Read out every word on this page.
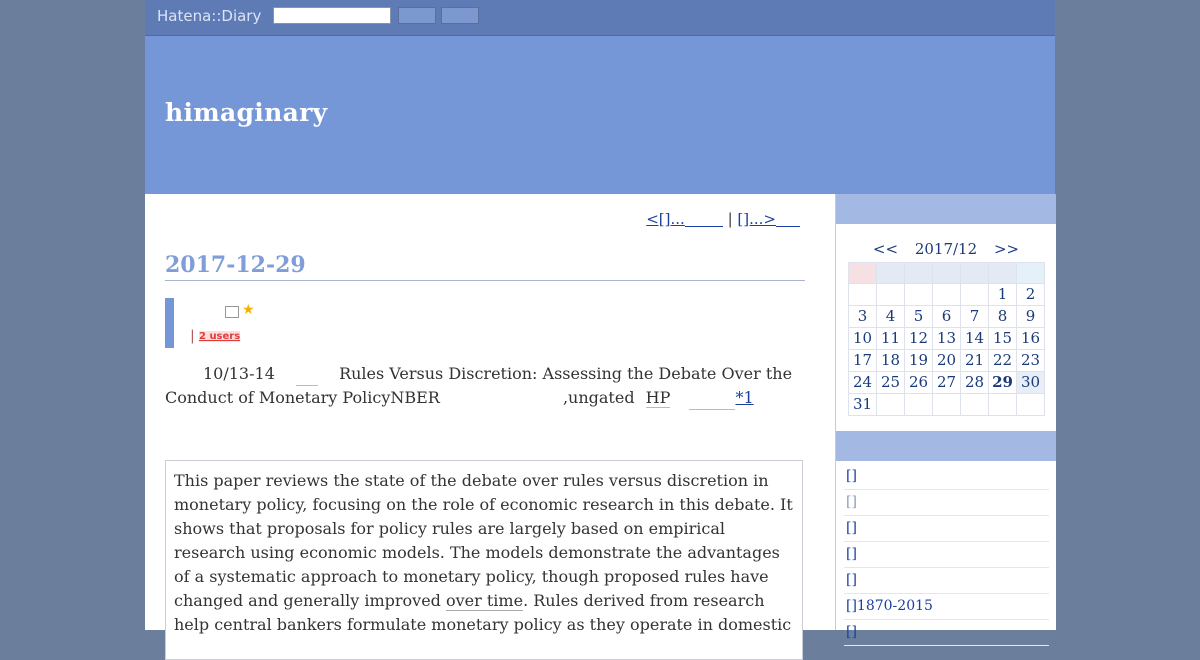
Hatena::Diary
himaginary
<[]...	| []...>
2017-12-29
★
| 2 users
10/13-14	Rules Versus Discretion: Assessing the Debate Over the
Conduct of Monetary PolicyNBER	,ungated HP	*1

This paper reviews the state of the debate over rules versus discretion in monetary policy, focusing on the role of economic research in this debate. It shows that proposals for policy rules are largely based on empirical research using economic models. The models demonstrate the advantages of a systematic approach to monetary policy, though proposed rules have changed and generally improved over time. Rules derived from research help central bankers formulate monetary policy as they operate in domestic

<< 2017/12 >>

					1	2
3	4	5	6	7	8	9
10	11	12	13	14	15	16
17	18	19	20	21	22	23
24	25	26	27	28	29	30
31						
[]
[]
[]
[]
[]
[]1870-2015
[]
